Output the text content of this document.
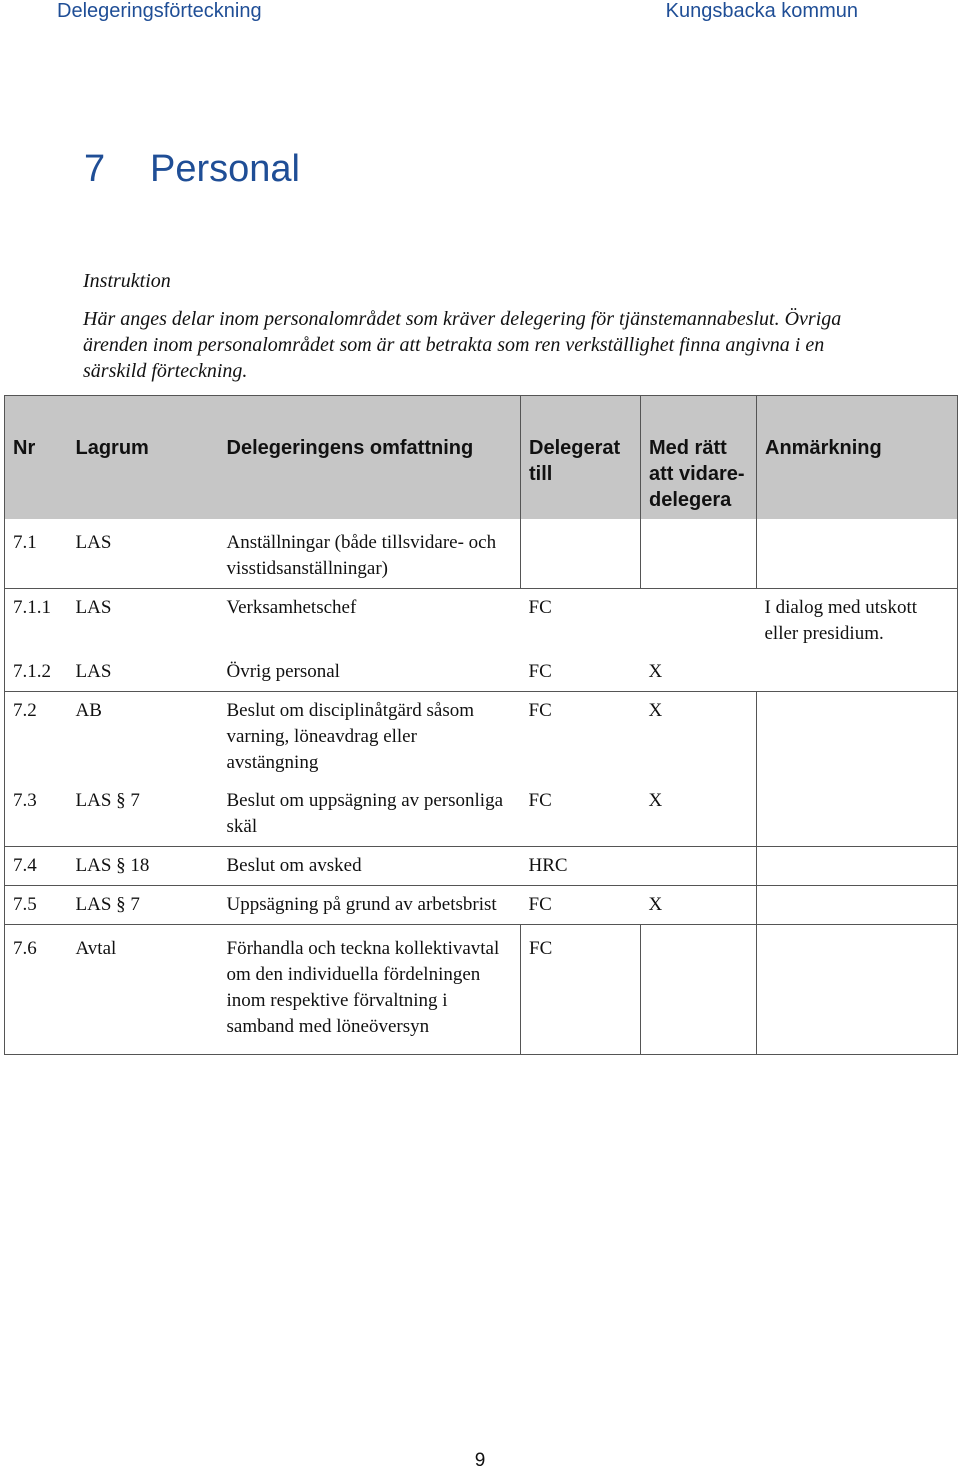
Delegeringsförteckning	Kungsbacka kommun
7 Personal

Instruktion

Här anges delar inom personalområdet som kräver delegering för tjänstemannabeslut. Övriga ärenden inom personalområdet som är att betrakta som ren verkställighet finna angivna i en särskild förteckning.

Nr	Lagrum	Delegeringens omfattning	Delegerat till	Med rätt att vidare-delegera	Anmärkning
7.1	LAS	Anställningar (både tillsvidare- och visstidsanställningar)			
7.1.1	LAS	Verksamhetschef	FC		I dialog med utskott eller presidium.
7.1.2	LAS	Övrig personal	FC	X	
7.2	AB	Beslut om disciplinåtgärd såsom varning, löneavdrag eller avstängning	FC	X	
7.3	LAS § 7	Beslut om uppsägning av personliga skäl	FC	X	
7.4	LAS § 18	Beslut om avsked	HRC		
7.5	LAS § 7	Uppsägning på grund av arbetsbrist	FC	X	
7.6	Avtal	Förhandla och teckna kollektivavtal om den individuella fördelningen inom respektive förvaltning i samband med löneöversyn	FC		
9
